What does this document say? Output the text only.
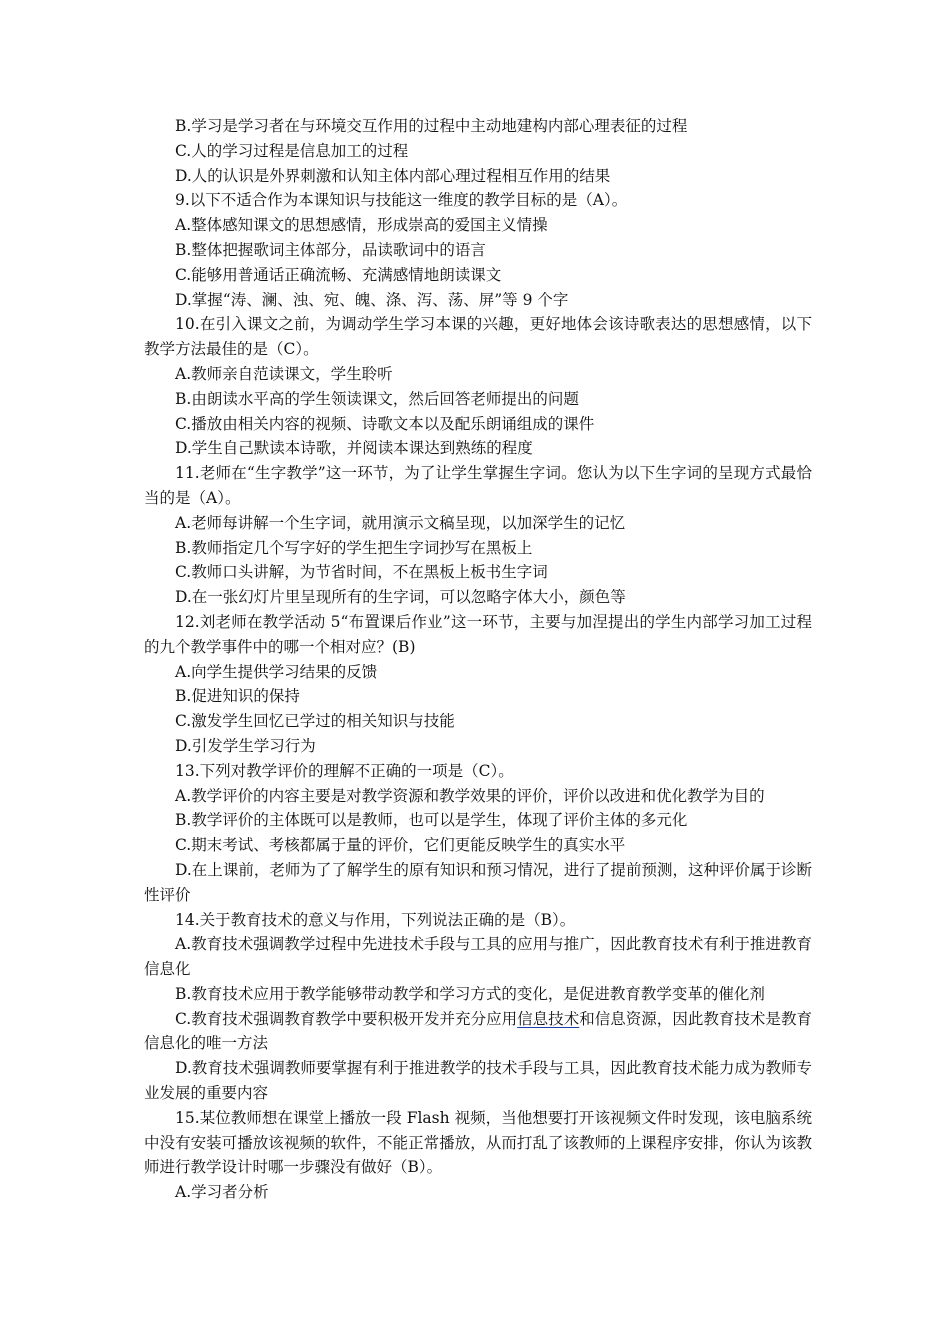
B.学习是学习者在与环境交互作用的过程中主动地建构内部心理表征的过程

C.人的学习过程是信息加工的过程

D.人的认识是外界刺激和认知主体内部心理过程相互作用的结果

9.以下不适合作为本课知识与技能这一维度的教学目标的是（A）。

A.整体感知课文的思想感情，形成崇高的爱国主义情操

B.整体把握歌词主体部分，品读歌词中的语言

C.能够用普通话正确流畅、充满感情地朗读课文

D.掌握“涛、澜、浊、宛、魄、涤、泻、荡、屏”等 9 个字

10.在引入课文之前，为调动学生学习本课的兴趣，更好地体会该诗歌表达的思想感情，以下教学方法最佳的是（C）。

A.教师亲自范读课文，学生聆听

B.由朗读水平高的学生领读课文，然后回答老师提出的问题

C.播放由相关内容的视频、诗歌文本以及配乐朗诵组成的课件

D.学生自己默读本诗歌，并阅读本课达到熟练的程度

11.老师在“生字教学”这一环节，为了让学生掌握生字词。您认为以下生字词的呈现方式最恰当的是（A）。

A.老师每讲解一个生字词，就用演示文稿呈现，以加深学生的记忆

B.教师指定几个写字好的学生把生字词抄写在黑板上

C.教师口头讲解，为节省时间，不在黑板上板书生字词

D.在一张幻灯片里呈现所有的生字词，可以忽略字体大小，颜色等

12.刘老师在教学活动 5“布置课后作业”这一环节，主要与加涅提出的学生内部学习加工过程的九个教学事件中的哪一个相对应？(B)

A.向学生提供学习结果的反馈

B.促进知识的保持

C.激发学生回忆已学过的相关知识与技能

D.引发学生学习行为

13.下列对教学评价的理解不正确的一项是（C）。

A.教学评价的内容主要是对教学资源和教学效果的评价，评价以改进和优化教学为目的

B.教学评价的主体既可以是教师，也可以是学生，体现了评价主体的多元化

C.期末考试、考核都属于量的评价，它们更能反映学生的真实水平

D.在上课前，老师为了了解学生的原有知识和预习情况，进行了提前预测，这种评价属于诊断性评价

14.关于教育技术的意义与作用，下列说法正确的是（B）。

A.教育技术强调教学过程中先进技术手段与工具的应用与推广，因此教育技术有利于推进教育信息化

B.教育技术应用于教学能够带动教学和学习方式的变化，是促进教育教学变革的催化剂

C.教育技术强调教育教学中要积极开发并充分应用信息技术和信息资源，因此教育技术是教育信息化的唯一方法

D.教育技术强调教师要掌握有利于推进教学的技术手段与工具，因此教育技术能力成为教师专业发展的重要内容

15.某位教师想在课堂上播放一段 Flash 视频，当他想要打开该视频文件时发现，该电脑系统中没有安装可播放该视频的软件，不能正常播放，从而打乱了该教师的上课程序安排，你认为该教师进行教学设计时哪一步骤没有做好（B）。

A.学习者分析
